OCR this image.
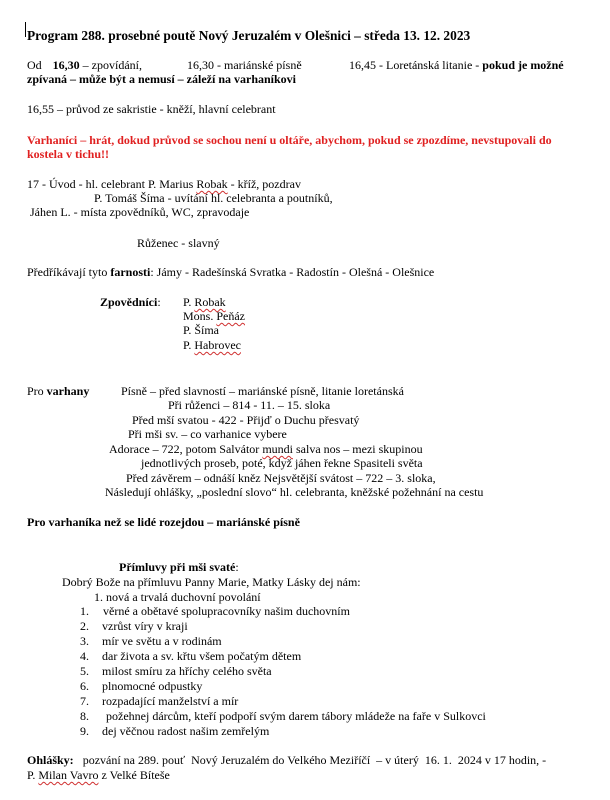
Program 288. prosebné poutě Nový Jeruzalém v Olešnici – středa 13. 12. 2023
Od 16,30 – zpovídání,	16,30 - mariánské písně	16,45 - Loretánská litanie - pokud je možné
zpívaná – může být a nemusí – záleží na varhaníkovi
16,55 – průvod ze sakristie - kněží, hlavní celebrant
Varhaníci – hrát, dokud průvod se sochou není u oltáře, abychom, pokud se zpozdíme, nevstupovali do
kostela v tichu!!
17 - Úvod - hl. celebrant P. Marius Robak - kříž, pozdrav
P. Tomáš Šíma - uvítání hl. celebranta a poutníků,
Jáhen L. - místa zpovědníků, WC, zpravodaje
Růženec - slavný
Předříkávají tyto farnosti: Jámy - Radešínská Svratka - Radostín - Olešná - Olešnice
Zpovědníci: P. Robak
Mons. Peňáz
P. Šíma
P. Habrovec
Pro varhany	Písně – před slavností – mariánské písně, litanie loretánská
Při růženci – 814 - 11. – 15. sloka
Před mší svatou - 422 - Přijď o Duchu přesvatý
Při mši sv. – co varhanice vybere
Adorace – 722, potom Salvátor mundi salva nos – mezi skupinou
jednotlivých proseb, poté, když jáhen řekne Spasiteli světa
Před závěrem – odnáší kněz Nejsvětější svátost – 722 – 3. sloka,
Následují ohlášky, „poslední slovo“ hl. celebranta, kněžské požehnání na cestu
Pro varhaníka než se lidé rozejdou – mariánské písně
Přímluvy při mši svaté:
Dobrý Bože na přímluvu Panny Marie, Matky Lásky dej nám:
1. nová a trvalá duchovní povolání
1. věrné a obětavé spolupracovníky našim duchovním
2. vzrůst víry v kraji
3. mír ve světu a v rodinám
4. dar života a sv. křtu všem počatým dětem
5. milost smíru za hříchy celého světa
6. plnomocné odpustky
7. rozpadající manželství a mír
8. požehnej dárcům, kteří podpoří svým darem tábory mládeže na faře v Sulkovci
9. dej věčnou radost našim zemřelým
Ohlášky:   pozvání na 289. pouť  Nový Jeruzalém do Velkého Meziříčí  – v úterý  16. 1.  2024 v 17 hodin, -
P. Milan Vavro z Velké Bíteše
